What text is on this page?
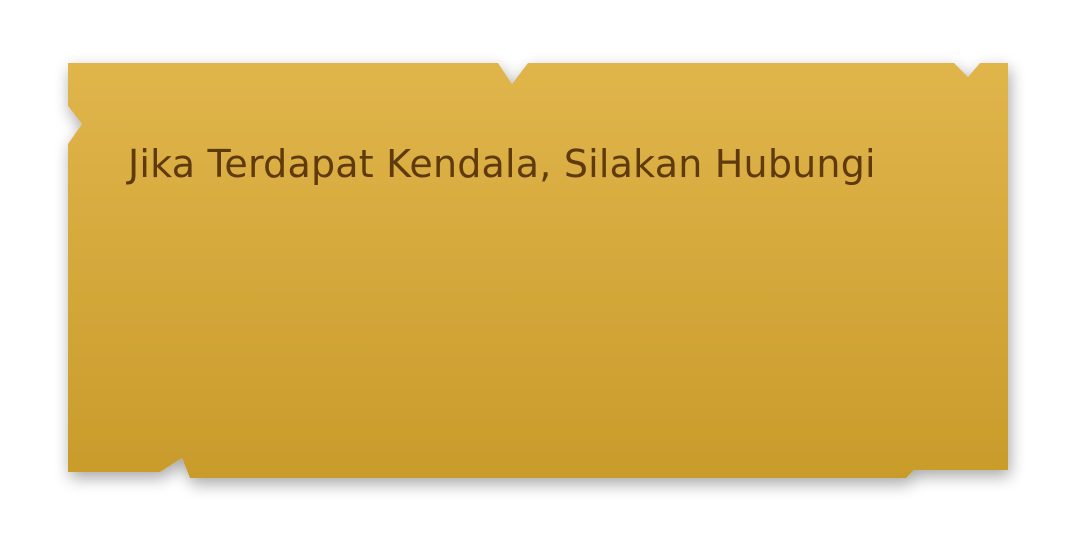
Jika Terdapat Kendala, Silakan Hubungi
